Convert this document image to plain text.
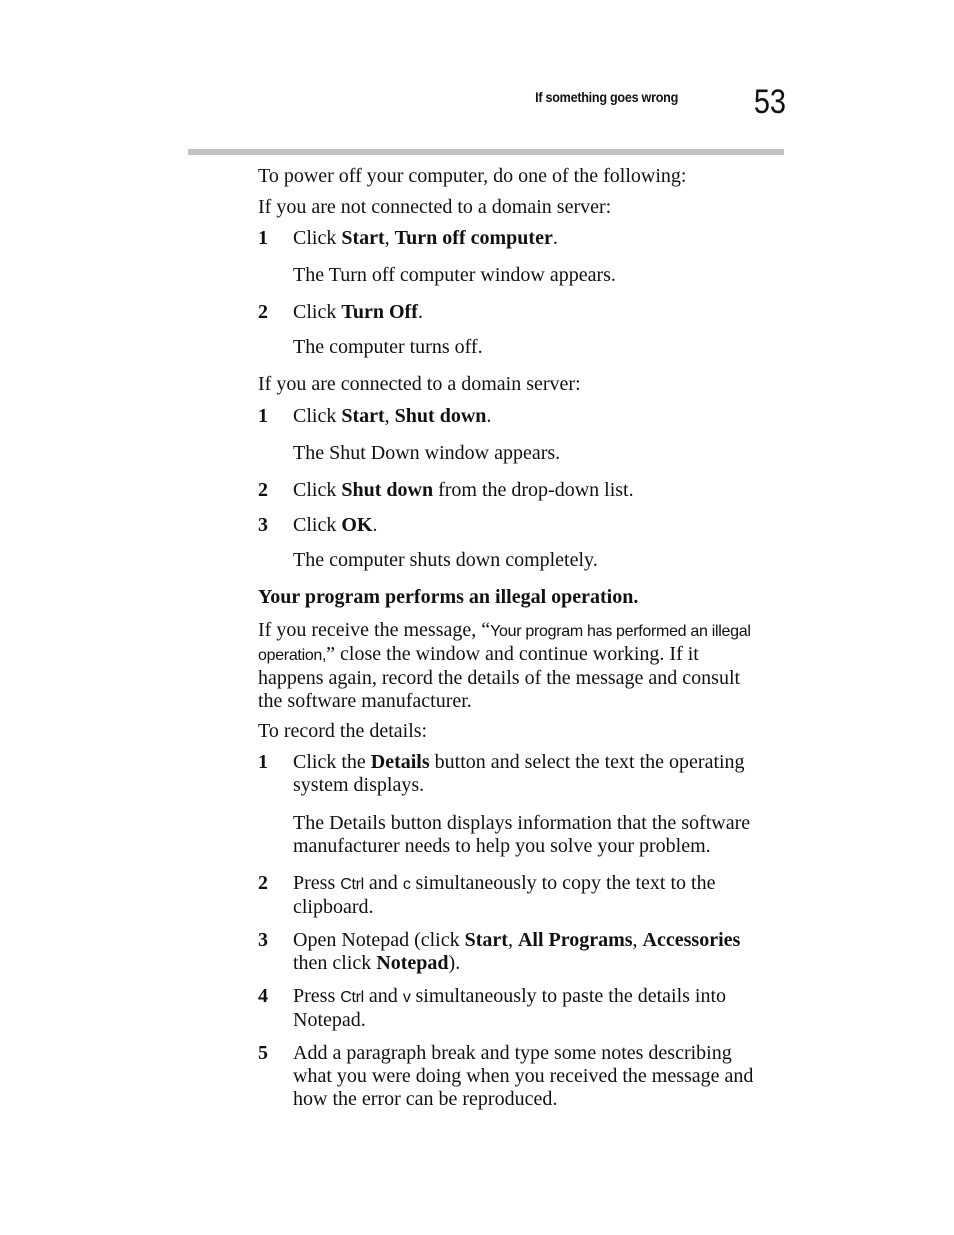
If something goes wrong 53

To power off your computer, do one of the following:

If you are not connected to a domain server:

1 Click Start, Turn off computer.
The Turn off computer window appears.
2 Click Turn Off.
The computer turns off.

If you are connected to a domain server:

1 Click Start, Shut down.
The Shut Down window appears.
2 Click Shut down from the drop-down list.
3 Click OK.
The computer shuts down completely.

Your program performs an illegal operation.

If you receive the message, “Your program has performed an illegal
operation,” close the window and continue working. If it
happens again, record the details of the message and consult
the software manufacturer.

To record the details:

1 Click the Details button and select the text the operating
system displays.
The Details button displays information that the software
manufacturer needs to help you solve your problem.
2 Press Ctrl and c simultaneously to copy the text to the
clipboard.
3 Open Notepad (click Start, All Programs, Accessories
then click Notepad).
4 Press Ctrl and v simultaneously to paste the details into
Notepad.
5 Add a paragraph break and type some notes describing
what you were doing when you received the message and
how the error can be reproduced.
